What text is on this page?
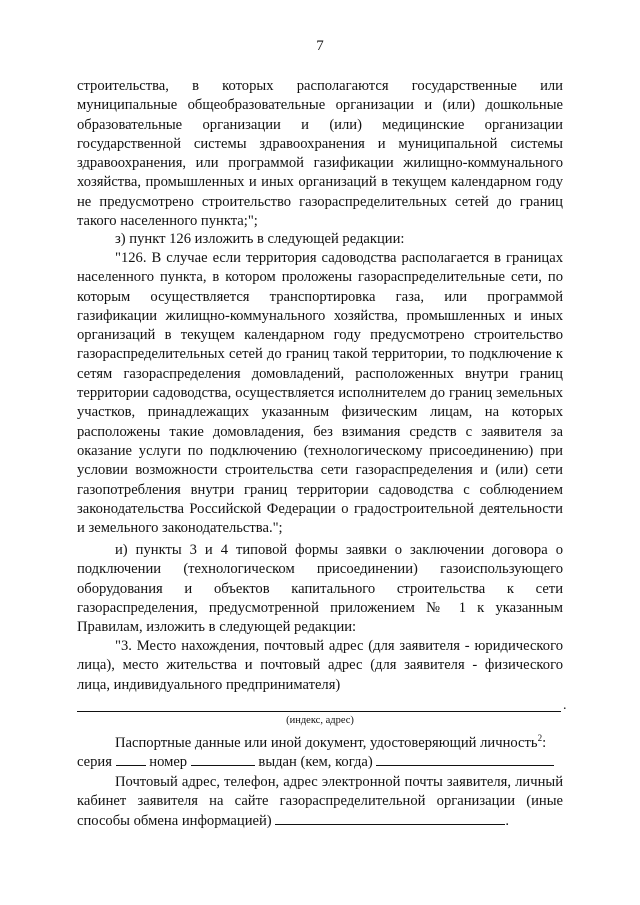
7

строительства, в которых располагаются государственные или муниципальные общеобразовательные организации и (или) дошкольные образовательные организации и (или) медицинские организации государственной системы здравоохранения и муниципальной системы здравоохранения, или программой газификации жилищно-коммунального хозяйства, промышленных и иных организаций в текущем календарном году не предусмотрено строительство газораспределительных сетей до границ такого населенного пункта;";

з) пункт 126 изложить в следующей редакции:

"126. В случае если территория садоводства располагается в границах населенного пункта, в котором проложены газораспределительные сети, по которым осуществляется транспортировка газа, или программой газификации жилищно-коммунального хозяйства, промышленных и иных организаций в текущем календарном году предусмотрено строительство газораспределительных сетей до границ такой территории, то подключение к сетям газораспределения домовладений, расположенных внутри границ территории садоводства, осуществляется исполнителем до границ земельных участков, принадлежащих указанным физическим лицам, на которых расположены такие домовладения, без взимания средств с заявителя за оказание услуги по подключению (технологическому присоединению) при условии возможности строительства сети газораспределения и (или) сети газопотребления внутри границ территории садоводства с соблюдением законодательства Российской Федерации о градостроительной деятельности и земельного законодательства.";

и) пункты 3 и 4 типовой формы заявки о заключении договора о подключении (технологическом присоединении) газоиспользующего оборудования и объектов капитального строительства к сети газораспределения, предусмотренной приложением № 1 к указанным Правилам, изложить в следующей редакции:

"3. Место нахождения, почтовый адрес (для заявителя - юридического лица), место жительства и почтовый адрес (для заявителя - физического лица, индивидуального предпринимателя)

.
(индекс, адрес)

Паспортные данные или иной документ, удостоверяющий личность$^2$:

серия	номер	выдан (кем, когда)

Почтовый адрес, телефон, адрес электронной почты заявителя, личный кабинет заявителя на сайте газораспределительной организации (иные способы обмена информацией)	.
